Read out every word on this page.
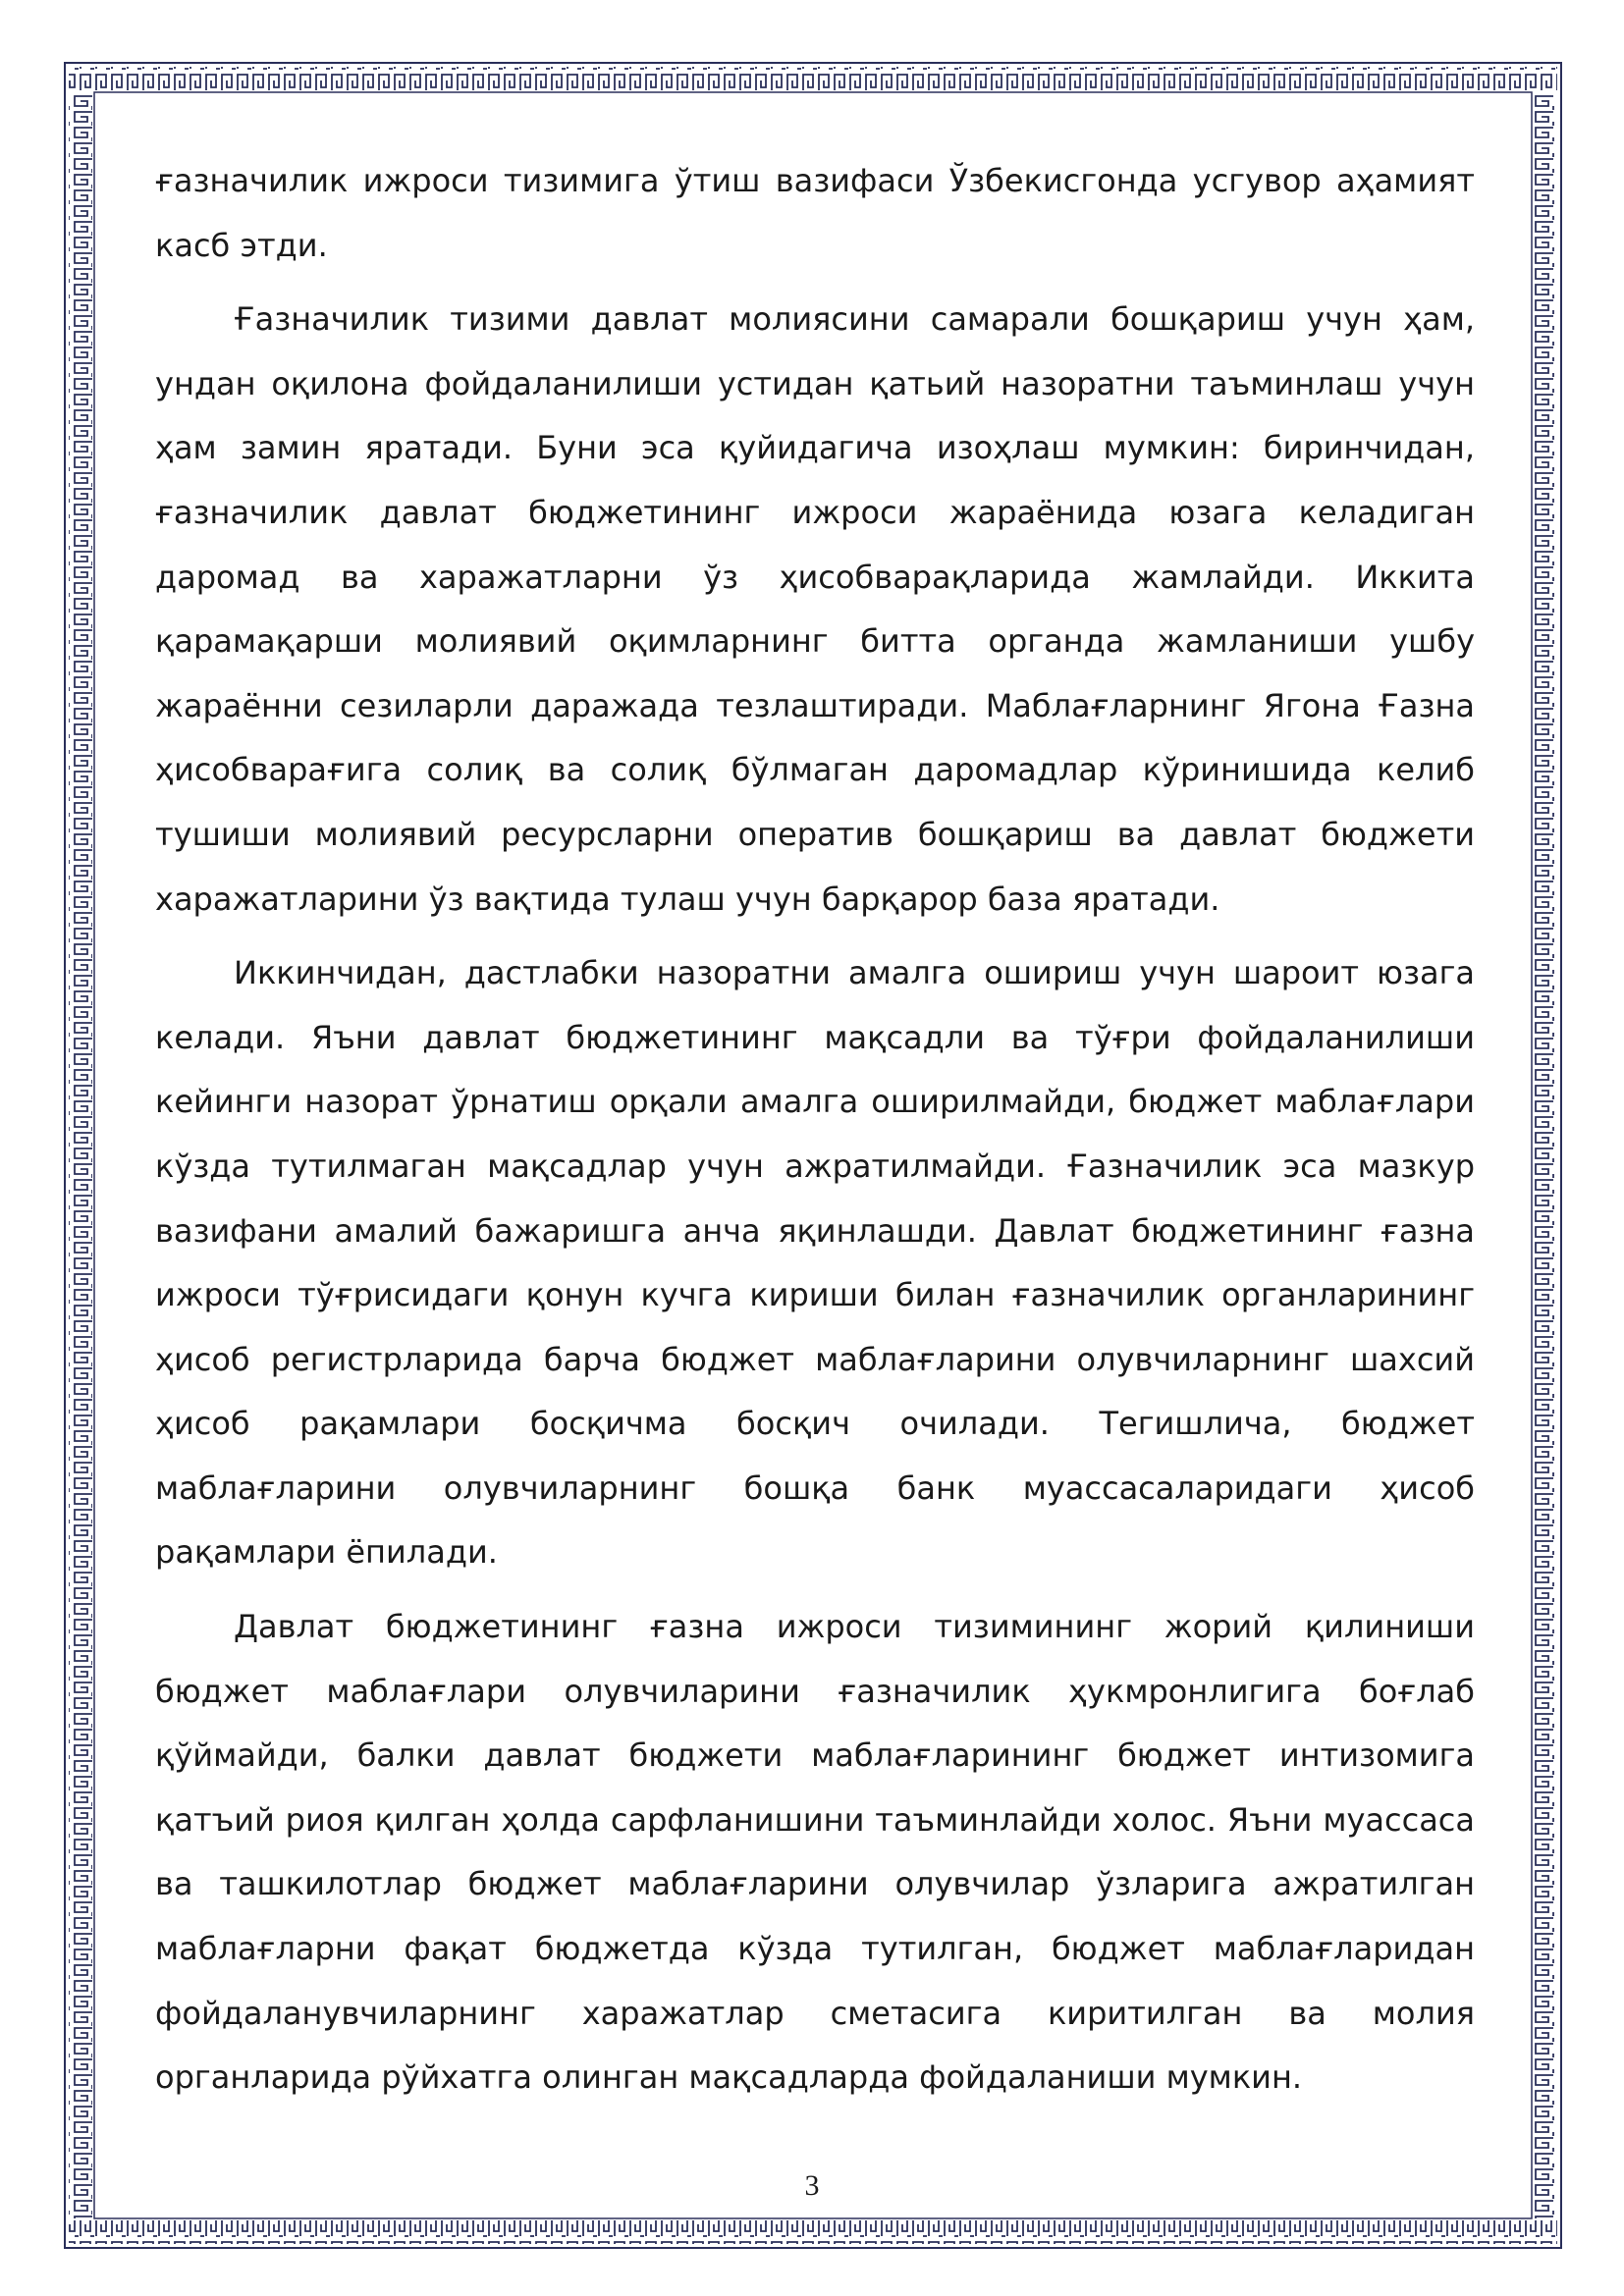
ғазначилик ижроси тизимига ўтиш вазифаси Ўзбекисгонда усгувор аҳамият касб этди.

Ғазначилик тизими давлат молиясини самарали бошқариш учун ҳам, ундан оқилона фойдаланилиши устидан қатьий назоратни таъминлаш учун ҳам замин яратади. Буни эса қуйидагича изоҳлаш мумкин: биринчидан, ғазначилик давлат бюджетининг ижроси жараёнида юзага келадиган даромад ва харажатларни ўз ҳисобварақларида жамлайди. Иккита қарамақарши молиявий оқимларнинг битта органда жамланиши ушбу жараённи сезиларли даражада тезлаштиради. Маблағларнинг Ягона Ғазна ҳисобварағига солиқ ва солиқ бўлмаган даромадлар кўринишида келиб тушиши молиявий ресурсларни оператив бошқариш ва давлат бюджети харажатларини ўз вақтида тулаш учун барқарор база яратади.

Иккинчидан, дастлабки назоратни амалга ошириш учун шароит юзага келади. Яъни давлат бюджетининг мақсадли ва тўғри фойдаланилиши кейинги назорат ўрнатиш орқали амалга оширилмайди, бюджет маблағлари кўзда тутилмаган мақсадлар учун ажратилмайди. Ғазначилик эса мазкур вазифани амалий бажаришга анча яқинлашди. Давлат бюджетининг ғазна ижроси тўғрисидаги қонун кучга кириши билан ғазначилик органларининг ҳисоб регистрларида барча бюджет маблағларини олувчиларнинг шахсий ҳисоб рақамлари босқичма босқич очилади. Тегишлича, бюджет маблағларини олувчиларнинг бошқа банк муассасаларидаги ҳисоб рақамлари ёпилади.

Давлат бюджетининг ғазна ижроси тизимининг жорий қилиниши бюджет маблағлари олувчиларини ғазначилик ҳукмронлигига боғлаб қўймайди, балки давлат бюджети маблағларининг бюджет интизомига қатъий риоя қилган ҳолда сарфланишини таъминлайди холос. Яъни муассаса ва ташкилотлар бюджет маблағларини олувчилар ўзларига ажратилган маблағларни фақат бюджетда кўзда тутилган, бюджет маблағларидан фойдаланувчиларнинг харажатлар сметасига киритилган ва молия органларида рўйхатга олинган мақсадларда фойдаланиши мумкин.

3
